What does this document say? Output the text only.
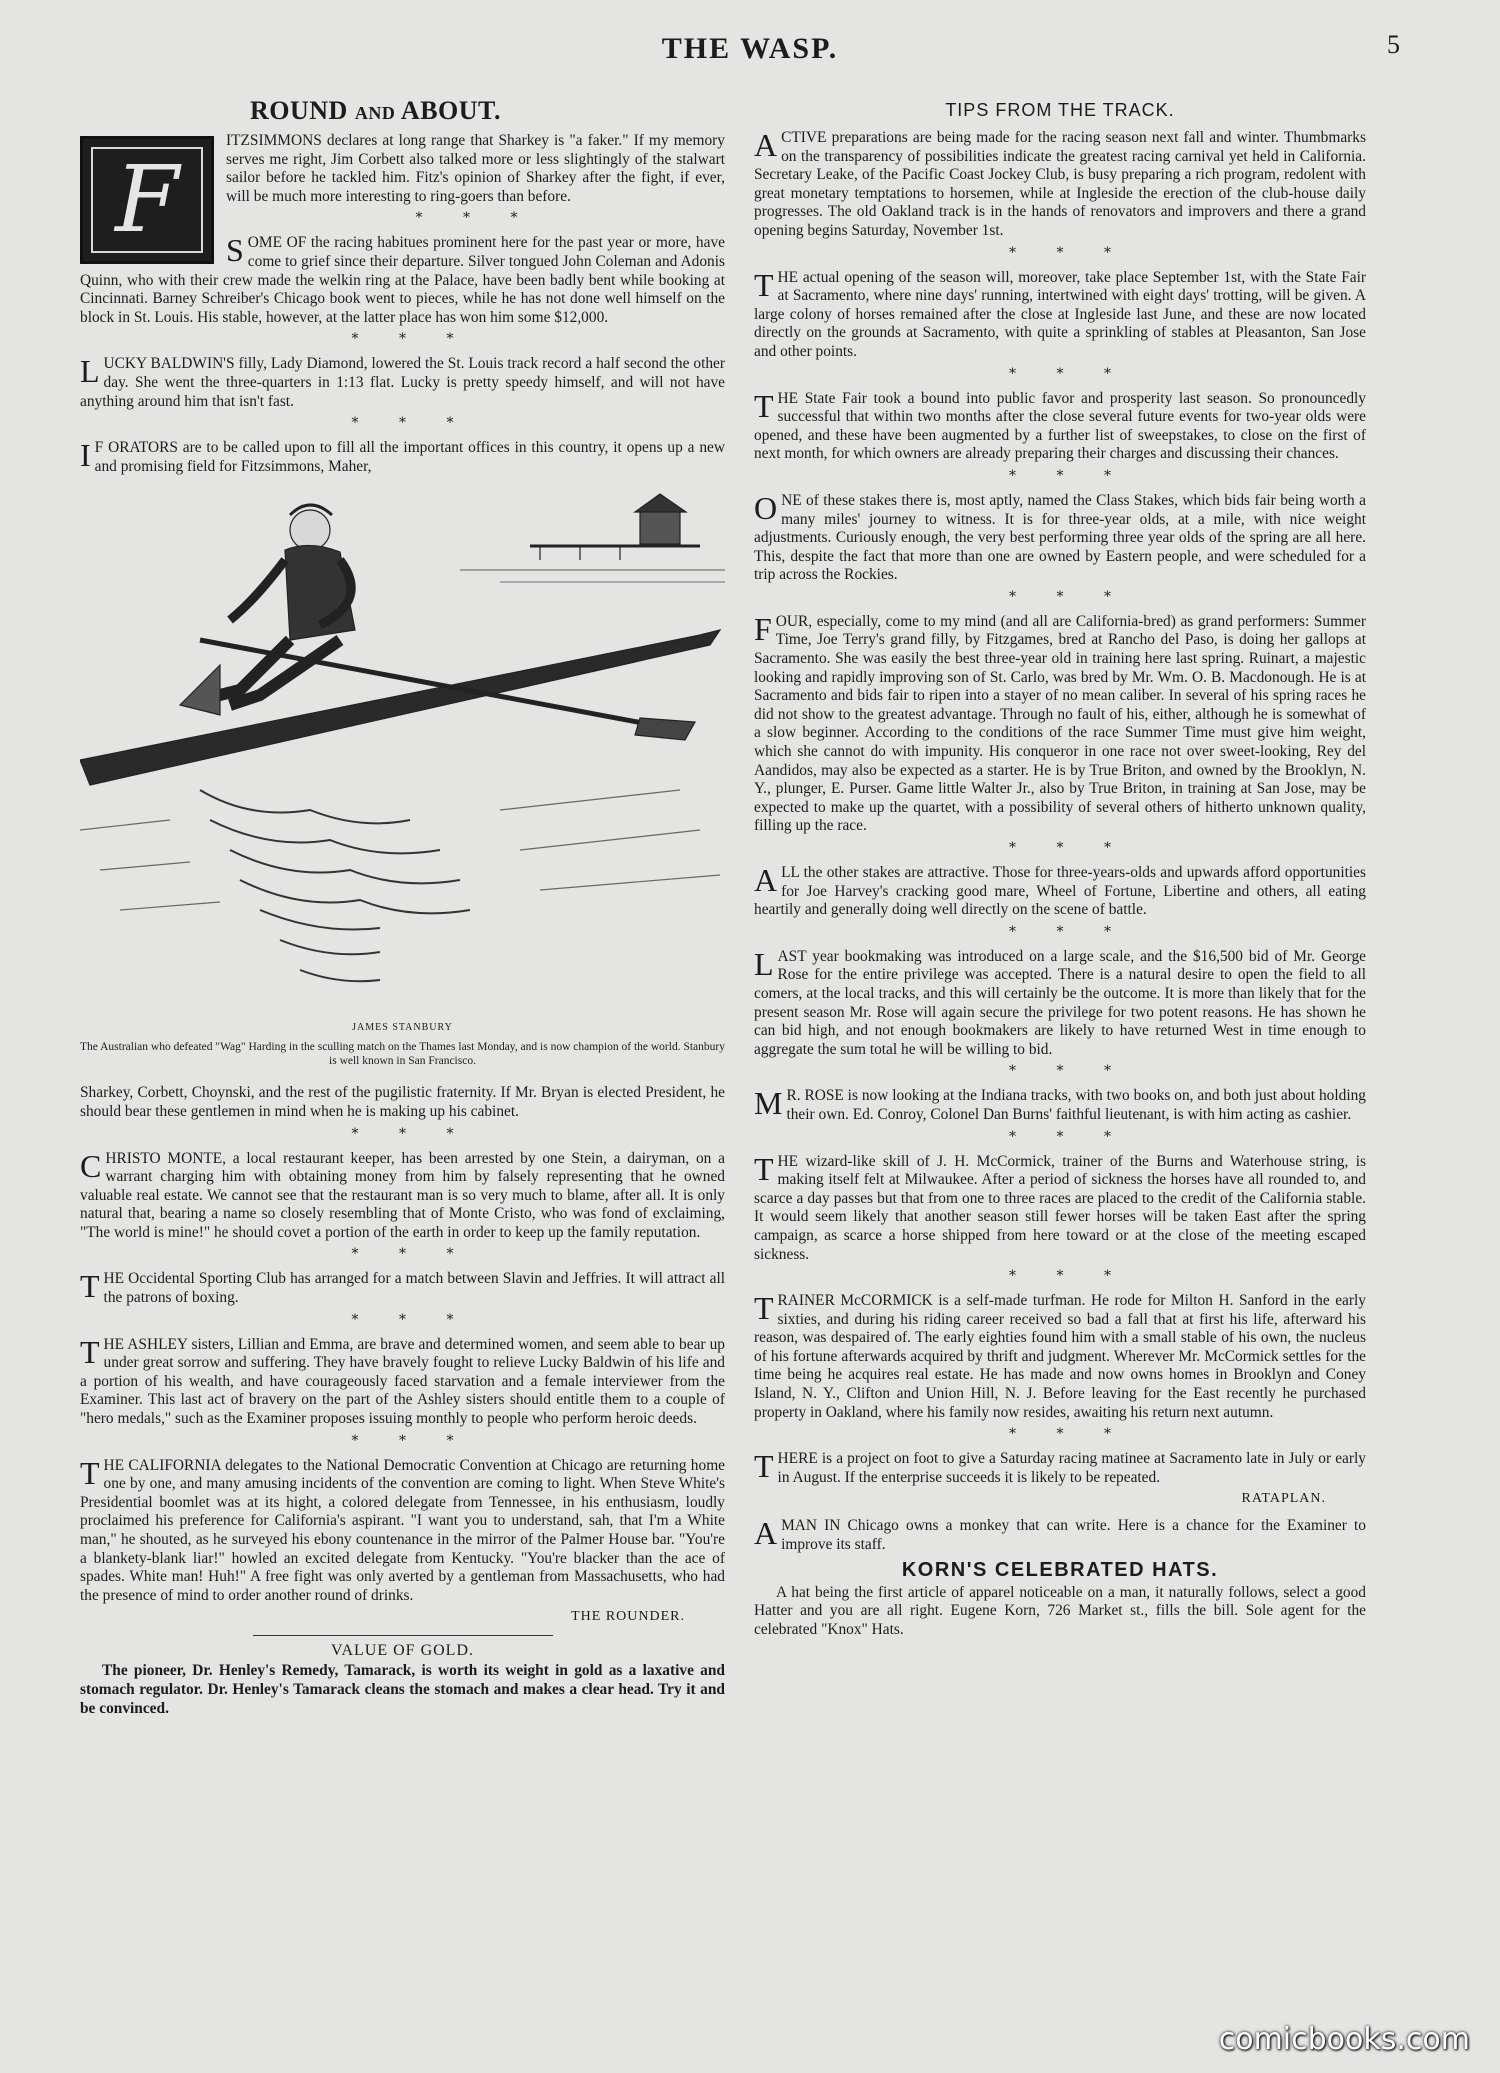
THE WASP.	5
ROUND AND ABOUT.
F

ITZSIMMONS declares at long range that Sharkey is "a faker." If my memory serves me right, Jim Corbett also talked more or less slightingly of the stalwart sailor before he tackled him. Fitz's opinion of Sharkey after the fight, if ever, will be much more interesting to ring-goers than before.

* * *

SOME OF the racing habitues prominent here for the past year or more, have come to grief since their departure. Silver tongued John Coleman and Adonis Quinn, who with their crew made the welkin ring at the Palace, have been badly bent while booking at Cincinnati. Barney Schreiber's Chicago book went to pieces, while he has not done well himself on the block in St. Louis. His stable, however, at the latter place has won him some $12,000.

* * *

LUCKY BALDWIN'S filly, Lady Diamond, lowered the St. Louis track record a half second the other day. She went the three-quarters in 1:13 flat. Lucky is pretty speedy himself, and will not have anything around him that isn't fast.

* * *

I F ORATORS are to be called upon to fill all the important offices in this country, it opens up a new and promising field for Fitzsimmons, Maher,

JAMES STANBURY
The Australian who defeated "Wag" Harding in the sculling match on the Thames last Monday, and is now champion of the world. Stanbury is well known in San Francisco.

Sharkey, Corbett, Choynski, and the rest of the pugilistic fraternity. If Mr. Bryan is elected President, he should bear these gentlemen in mind when he is making up his cabinet.

* * *

CHRISTO MONTE, a local restaurant keeper, has been arrested by one Stein, a dairyman, on a warrant charging him with obtaining money from him by falsely representing that he owned valuable real estate. We cannot see that the restaurant man is so very much to blame, after all. It is only natural that, bearing a name so closely resembling that of Monte Cristo, who was fond of exclaiming, "The world is mine!" he should covet a portion of the earth in order to keep up the family reputation.

* * *

THE Occidental Sporting Club has arranged for a match between Slavin and Jeffries. It will attract all the patrons of boxing.

* * *

THE ASHLEY sisters, Lillian and Emma, are brave and determined women, and seem able to bear up under great sorrow and suffering. They have bravely fought to relieve Lucky Baldwin of his life and a portion of his wealth, and have courageously faced starvation and a female interviewer from the Examiner. This last act of bravery on the part of the Ashley sisters should entitle them to a couple of "hero medals," such as the Examiner proposes issuing monthly to people who perform heroic deeds.

* * *

THE CALIFORNIA delegates to the National Democratic Convention at Chicago are returning home one by one, and many amusing incidents of the convention are coming to light. When Steve White's Presidential boomlet was at its hight, a colored delegate from Tennessee, in his enthusiasm, loudly proclaimed his preference for California's aspirant. "I want you to understand, sah, that I'm a White man," he shouted, as he surveyed his ebony countenance in the mirror of the Palmer House bar. "You're a blankety-blank liar!" howled an excited delegate from Kentucky. "You're blacker than the ace of spades. White man! Huh!" A free fight was only averted by a gentleman from Massachusetts, who had the presence of mind to order another round of drinks.

THE ROUNDER.
VALUE OF GOLD.

The pioneer, Dr. Henley's Remedy, Tamarack, is worth its weight in gold as a laxative and stomach regulator. Dr. Henley's Tamarack cleans the stomach and makes a clear head. Try it and be convinced.

TIPS FROM THE TRACK.

ACTIVE preparations are being made for the racing season next fall and winter. Thumbmarks on the transparency of possibilities indicate the greatest racing carnival yet held in California. Secretary Leake, of the Pacific Coast Jockey Club, is busy preparing a rich program, redolent with great monetary temptations to horsemen, while at Ingleside the erection of the club-house daily progresses. The old Oakland track is in the hands of renovators and improvers and there a grand opening begins Saturday, November 1st.

* * *

THE actual opening of the season will, moreover, take place September 1st, with the State Fair at Sacramento, where nine days' running, intertwined with eight days' trotting, will be given. A large colony of horses remained after the close at Ingleside last June, and these are now located directly on the grounds at Sacramento, with quite a sprinkling of stables at Pleasanton, San Jose and other points.

* * *

THE State Fair took a bound into public favor and prosperity last season. So pronouncedly successful that within two months after the close several future events for two-year olds were opened, and these have been augmented by a further list of sweepstakes, to close on the first of next month, for which owners are already preparing their charges and discussing their chances.

* * *

ONE of these stakes there is, most aptly, named the Class Stakes, which bids fair being worth a many miles' journey to witness. It is for three-year olds, at a mile, with nice weight adjustments. Curiously enough, the very best performing three year olds of the spring are all here. This, despite the fact that more than one are owned by Eastern people, and were scheduled for a trip across the Rockies.

* * *

FOUR, especially, come to my mind (and all are California-bred) as grand performers: Summer Time, Joe Terry's grand filly, by Fitzgames, bred at Rancho del Paso, is doing her gallops at Sacramento. She was easily the best three-year old in training here last spring. Ruinart, a majestic looking and rapidly improving son of St. Carlo, was bred by Mr. Wm. O. B. Macdonough. He is at Sacramento and bids fair to ripen into a stayer of no mean caliber. In several of his spring races he did not show to the greatest advantage. Through no fault of his, either, although he is somewhat of a slow beginner. According to the conditions of the race Summer Time must give him weight, which she cannot do with impunity. His conqueror in one race not over sweet-looking, Rey del Aandidos, may also be expected as a starter. He is by True Briton, and owned by the Brooklyn, N. Y., plunger, E. Purser. Game little Walter Jr., also by True Briton, in training at San Jose, may be expected to make up the quartet, with a possibility of several others of hitherto unknown quality, filling up the race.

* * *

ALL the other stakes are attractive. Those for three-years-olds and upwards afford opportunities for Joe Harvey's cracking good mare, Wheel of Fortune, Libertine and others, all eating heartily and generally doing well directly on the scene of battle.

* * *

LAST year bookmaking was introduced on a large scale, and the $16,500 bid of Mr. George Rose for the entire privilege was accepted. There is a natural desire to open the field to all comers, at the local tracks, and this will certainly be the outcome. It is more than likely that for the present season Mr. Rose will again secure the privilege for two potent reasons. He has shown he can bid high, and not enough bookmakers are likely to have returned West in time enough to aggregate the sum total he will be willing to bid.

* * *

M R. ROSE is now looking at the Indiana tracks, with two books on, and both just about holding their own. Ed. Conroy, Colonel Dan Burns' faithful lieutenant, is with him acting as cashier.

* * *

THE wizard-like skill of J. H. McCormick, trainer of the Burns and Waterhouse string, is making itself felt at Milwaukee. After a period of sickness the horses have all rounded to, and scarce a day passes but that from one to three races are placed to the credit of the California stable. It would seem likely that another season still fewer horses will be taken East after the spring campaign, as scarce a horse shipped from here toward or at the close of the meeting escaped sickness.

* * *

TRAINER McCORMICK is a self-made turfman. He rode for Milton H. Sanford in the early sixties, and during his riding career received so bad a fall that at first his life, afterward his reason, was despaired of. The early eighties found him with a small stable of his own, the nucleus of his fortune afterwards acquired by thrift and judgment. Wherever Mr. McCormick settles for the time being he acquires real estate. He has made and now owns homes in Brooklyn and Coney Island, N. Y., Clifton and Union Hill, N. J. Before leaving for the East recently he purchased property in Oakland, where his family now resides, awaiting his return next autumn.

* * *

THERE is a project on foot to give a Saturday racing matinee at Sacramento late in July or early in August. If the enterprise succeeds it is likely to be repeated.

RATAPLAN.

AMAN IN Chicago owns a monkey that can write. Here is a chance for the Examiner to improve its staff.

KORN'S CELEBRATED HATS.

A hat being the first article of apparel noticeable on a man, it naturally follows, select a good Hatter and you are all right. Eugene Korn, 726 Market st., fills the bill. Sole agent for the celebrated "Knox" Hats.

comicbooks.com
